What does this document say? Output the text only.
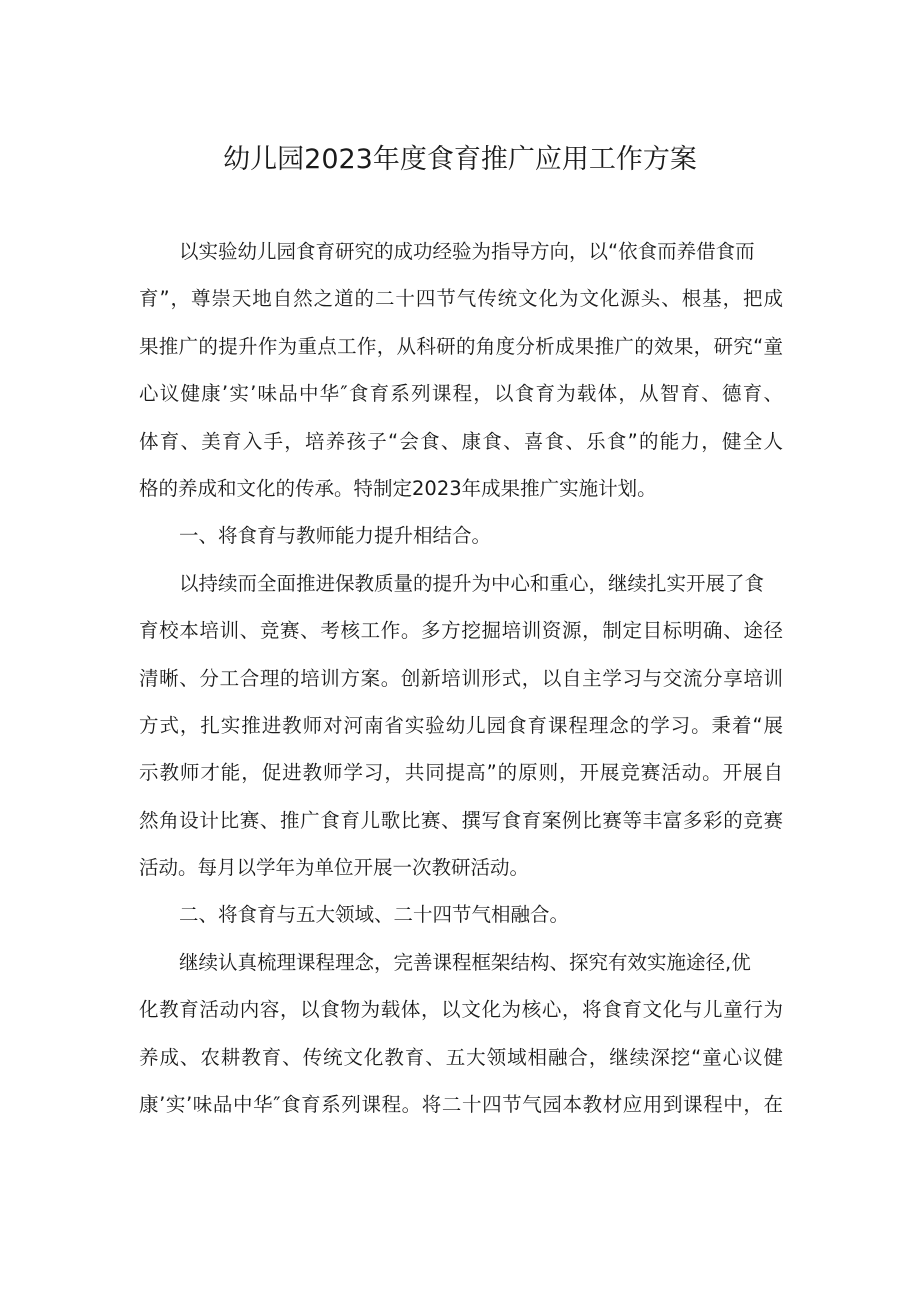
幼儿园2023年度食育推广应用工作方案
以实验幼儿园食育研究的成功经验为指导方向，以“依食而养借食而
育”，尊崇天地自然之道的二十四节气传统文化为文化源头、根基，把成
果推广的提升作为重点工作，从科研的角度分析成果推广的效果，研究“童
心议健康’实’味品中华″食育系列课程，以食育为载体，从智育、德育、
体育、美育入手，培养孩子“会食、康食、喜食、乐食”的能力，健全人
格的养成和文化的传承。特制定2023年成果推广实施计划。
一、将食育与教师能力提升相结合。
以持续而全面推进保教质量的提升为中心和重心，继续扎实开展了食
育校本培训、竞赛、考核工作。多方挖掘培训资源，制定目标明确、途径
清晰、分工合理的培训方案。创新培训形式，以自主学习与交流分享培训
方式，扎实推进教师对河南省实验幼儿园食育课程理念的学习。秉着“展
示教师才能，促进教师学习，共同提高”的原则，开展竞赛活动。开展自
然角设计比赛、推广食育儿歌比赛、撰写食育案例比赛等丰富多彩的竞赛
活动。每月以学年为单位开展一次教研活动。
二、将食育与五大领域、二十四节气相融合。
继续认真梳理课程理念，完善课程框架结构、探究有效实施途径,优
化教育活动内容，以食物为载体，以文化为核心，将食育文化与儿童行为
养成、农耕教育、传统文化教育、五大领域相融合，继续深挖“童心议健
康’实’味品中华″食育系列课程。将二十四节气园本教材应用到课程中，在
